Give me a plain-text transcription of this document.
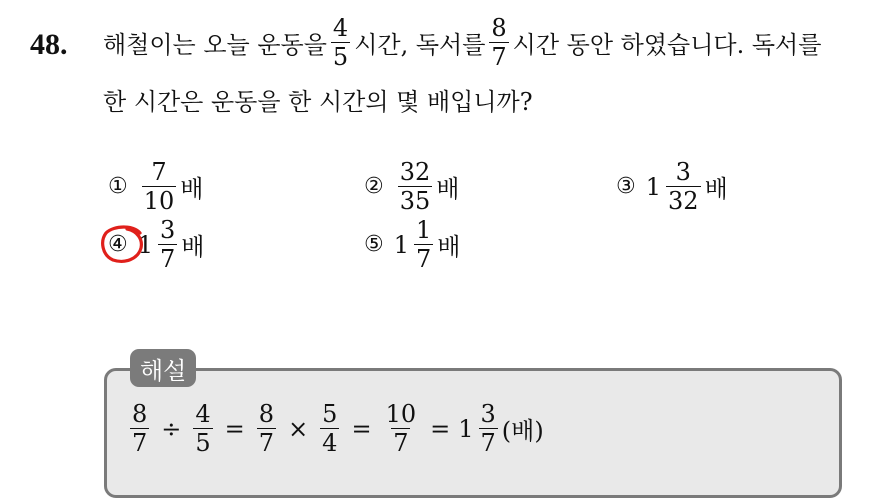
48. 해철이는 오늘 운동을 $\frac{4}{5}$ 시간, 독서를 $\frac{8}{7}$ 시간 동안 하였습니다. 독서를
한 시간은 운동을 한 시간의 몇 배입니까?
① $\frac{7}{10}$ 배	② $\frac{32}{35}$ 배	③ $1 \frac{3}{32}$ 배
④ $1 \frac{3}{7}$ 배	⑤ $1 \frac{1}{7}$ 배
해설
$\frac{8}{7} \div \frac{4}{5} = \frac{8}{7} \times \frac{5}{4} = \frac{10}{7} = 1 \frac{3}{7}$ (배)
